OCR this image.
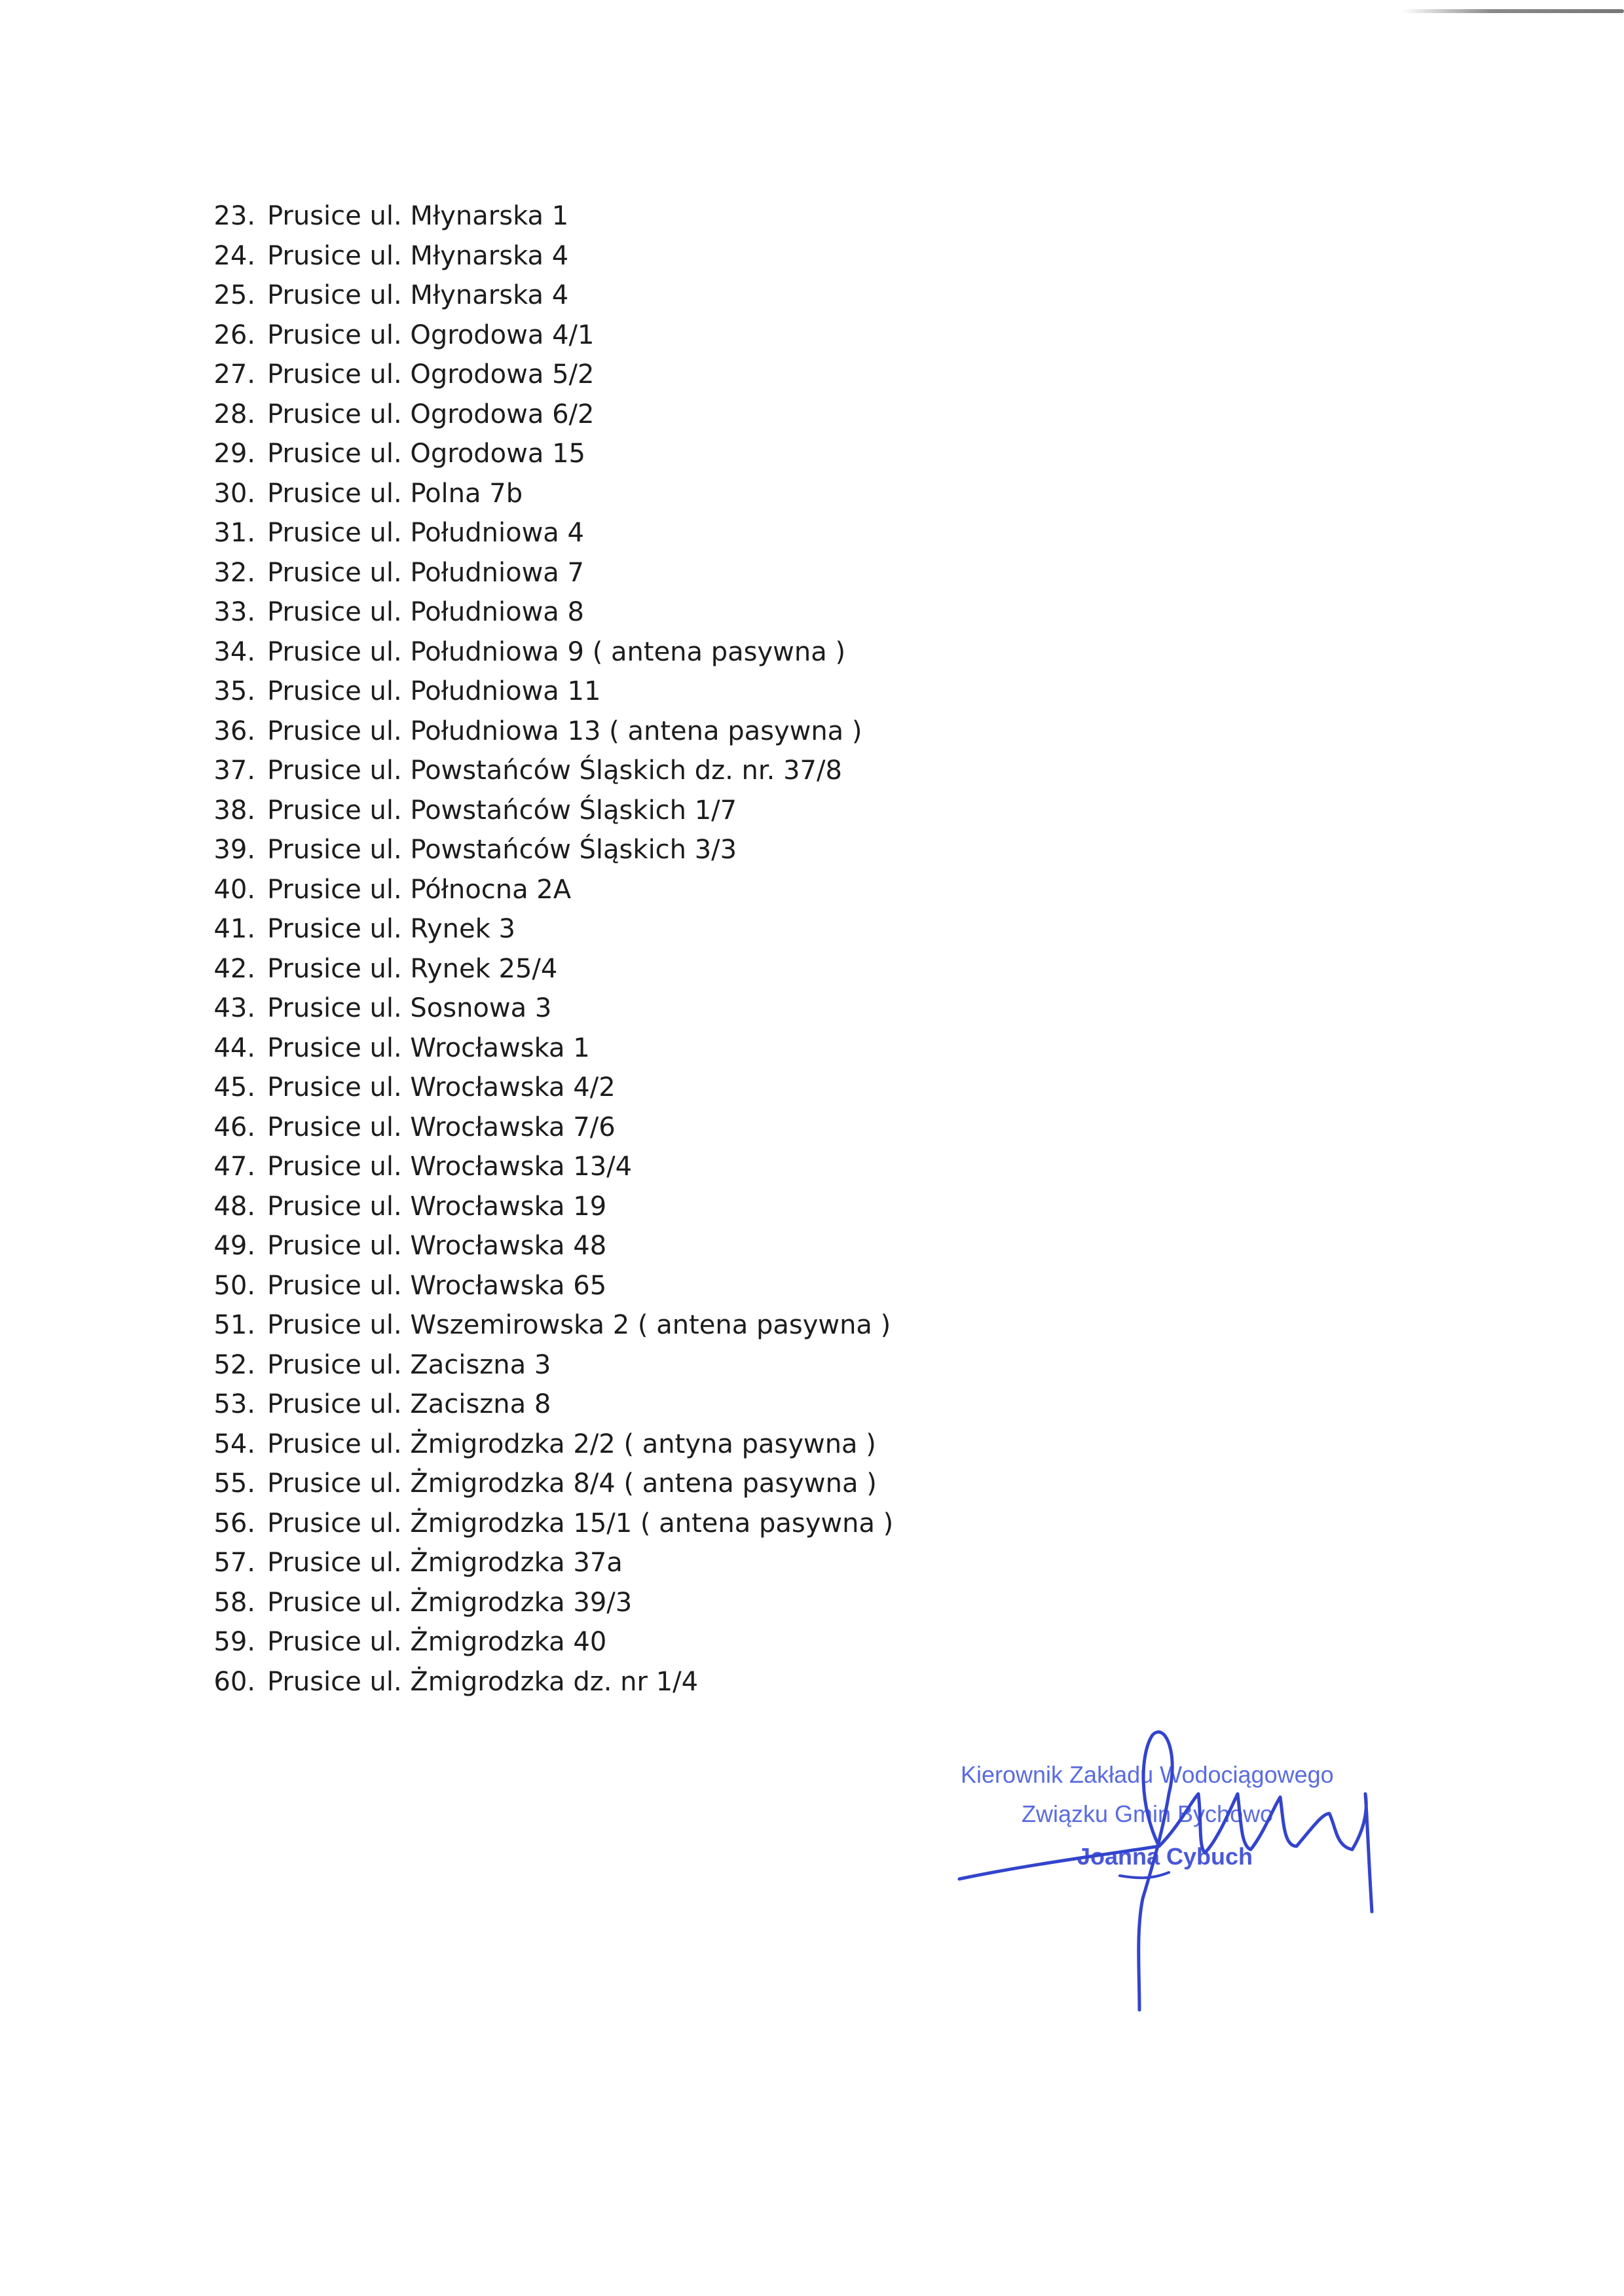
23. Prusice ul. Młynarska 1
24. Prusice ul. Młynarska 4
25. Prusice ul. Młynarska 4
26. Prusice ul. Ogrodowa 4/1
27. Prusice ul. Ogrodowa 5/2
28. Prusice ul. Ogrodowa 6/2
29. Prusice ul. Ogrodowa 15
30. Prusice ul. Polna 7b
31. Prusice ul. Południowa 4
32. Prusice ul. Południowa 7
33. Prusice ul. Południowa 8
34. Prusice ul. Południowa 9 ( antena pasywna )
35. Prusice ul. Południowa 11
36. Prusice ul. Południowa 13 ( antena pasywna )
37. Prusice ul. Powstańców Śląskich dz. nr. 37/8
38. Prusice ul. Powstańców Śląskich 1/7
39. Prusice ul. Powstańców Śląskich 3/3
40. Prusice ul. Północna 2A
41. Prusice ul. Rynek 3
42. Prusice ul. Rynek 25/4
43. Prusice ul. Sosnowa 3
44. Prusice ul. Wrocławska 1
45. Prusice ul. Wrocławska 4/2
46. Prusice ul. Wrocławska 7/6
47. Prusice ul. Wrocławska 13/4
48. Prusice ul. Wrocławska 19
49. Prusice ul. Wrocławska 48
50. Prusice ul. Wrocławska 65
51. Prusice ul. Wszemirowska 2 ( antena pasywna )
52. Prusice ul. Zaciszna 3
53. Prusice ul. Zaciszna 8
54. Prusice ul. Żmigrodzka 2/2 ( antyna pasywna )
55. Prusice ul. Żmigrodzka 8/4 ( antena pasywna )
56. Prusice ul. Żmigrodzka 15/1 ( antena pasywna )
57. Prusice ul. Żmigrodzka 37a
58. Prusice ul. Żmigrodzka 39/3
59. Prusice ul. Żmigrodzka 40
60. Prusice ul. Żmigrodzka dz. nr 1/4
Kierownik Zakładu Wodociągowego
Związku Gmin Bychowo
Joanna Cybuch
